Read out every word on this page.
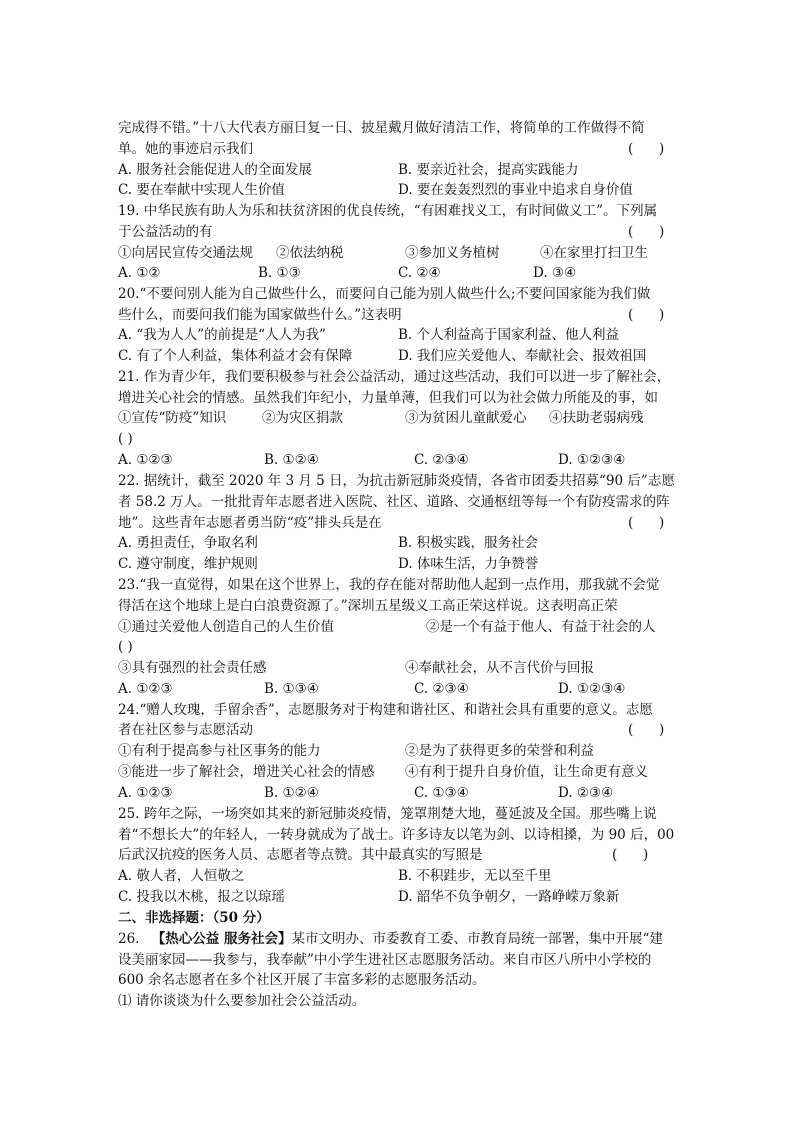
完成得不错。”十八大代表方丽日复一日、披星戴月做好清洁工作，将简单的工作做得不简

单。她的事迹启示我们	(      )
A. 服务社会能促进人的全面发展	B. 要亲近社会，提高实践能力
C. 要在奉献中实现人生价值	D. 要在轰轰烈烈的事业中追求自身价值

19. 中华民族有助人为乐和扶贫济困的优良传统，“有困难找义工，有时间做义工”。下列属

于公益活动的有	(      )
①向居民宣传交通法规 ②依法纳税	③参加义务植树	④在家里打扫卫生
A. ①②	B. ①③	C. ②④	D. ③④

20.“不要问别人能为自己做些什么，而要问自己能为别人做些什么;不要问国家能为我们做

些什么，而要问我们能为国家做些什么。”这表明	(      )
A. “我为人人”的前提是“人人为我”	B. 个人利益高于国家利益、他人利益
C. 有了个人利益，集体利益才会有保障	D. 我们应关爱他人、奉献社会、报效祖国

21. 作为青少年，我们要积极参与社会公益活动，通过这些活动，我们可以进一步了解社会，

增进关心社会的情感。虽然我们年纪小，力量单薄，但我们可以为社会做力所能及的事，如

①宣传“防疫”知识	②为灾区捐款	③为贫困儿童献爱心 ④扶助老弱病残
( )
A. ①②③	B. ①②④	C. ②③④	D. ①②③④

22. 据统计，截至 2020 年 3 月 5 日，为抗击新冠肺炎疫情，各省市团委共招募“90 后”志愿

者 58.2 万人。一批批青年志愿者进入医院、社区、道路、交通枢纽等每一个有防疫需求的阵

地”。这些青年志愿者勇当防“疫”排头兵是在	(      )
A. 勇担责任，争取名利	B. 积极实践，服务社会
C. 遵守制度，维护规则	D. 体味生活，力争赞誉

23.“我一直觉得，如果在这个世界上，我的存在能对帮助他人起到一点作用，那我就不会觉

得活在这个地球上是白白浪费资源了。”深圳五星级义工高正荣这样说。这表明高正荣

①通过关爱他人创造自己的人生价值	②是一个有益于他人、有益于社会的人
( )
③具有强烈的社会责任感	④奉献社会，从不言代价与回报
A. ①②③	B. ①③④	C. ②③④	D. ①②③④

24.“赠人玫瑰，手留余香”，志愿服务对于构建和谐社区、和谐社会具有重要的意义。志愿

者在社区参与志愿活动	(      )
①有利于提高参与社区事务的能力	②是为了获得更多的荣誉和利益
③能进一步了解社会，增进关心社会的情感 ④有利于提升自身价值，让生命更有意义
A. ①②③	B. ①②④	C. ①③④	D. ②③④

25. 跨年之际，一场突如其来的新冠肺炎疫情，笼罩荆楚大地，蔓延波及全国。那些嘴上说

着“不想长大”的年轻人，一转身就成为了战士。许多诗友以笔为剑、以诗相搡，为 90 后，00

后武汉抗疫的医务人员、志愿者等点赞。其中最真实的写照是	(      )
A. 敬人者，人恒敬之	B. 不积跬步，无以至千里
C. 投我以木桃，报之以琼瑶	D. 韶华不负争朝夕，一路峥嵘万象新

二、非选择题：（50 分）

26. 【热心公益 服务社会】某市文明办、市委教育工委、市教育局统一部署，集中开展“建

设美丽家园——我参与，我奉献”中小学生进社区志愿服务活动。来自市区八所中小学校的

600 余名志愿者在多个社区开展了丰富多彩的志愿服务活动。

⑴ 请你谈谈为什么要参加社会公益活动。
